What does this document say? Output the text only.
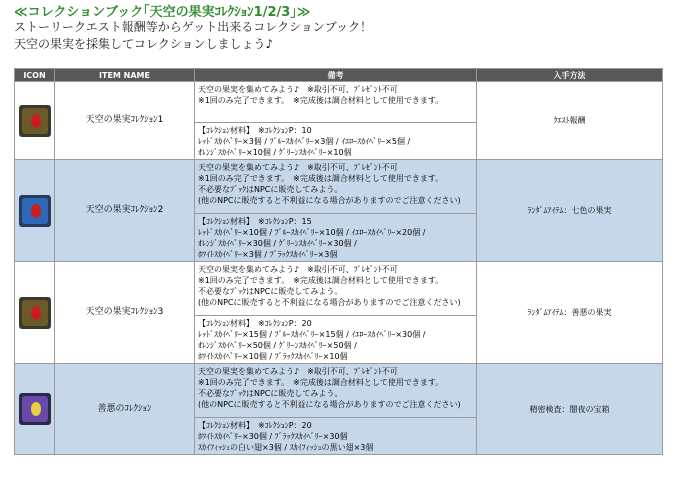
≪コレクションブック｢天空の果実ｺﾚｸｼｮﾝ1/2/3｣≫
ストーリークエスト報酬等からゲット出来るコレクションブック！
天空の果実を採集してコレクションしましょう♪
ICON	ITEM NAME	備考	入手方法

	天空の果実ｺﾚｸｼｮﾝ1	天空の果実を集めてみよう♪　※取引不可、ﾌﾟﾚｾﾞﾝﾄ不可
※1回のみ完了できます。　※完成後は調合材料として使用できます。	ｸｴｽﾄ報酬

		【ｺﾚｸｼｮﾝ材料】　※ｺﾚｸｼｮﾝP：10
ﾚｯﾄﾞｽｶｲﾍﾞﾘｰ×3個 / ﾌﾞﾙｰｽｶｲﾍﾞﾘｰ×3個 / ｲｴﾛｰｽｶｲﾍﾞﾘｰ×5個 /
ｵﾚﾝｼﾞｽｶｲﾍﾞﾘｰ×10個 / ｸﾞﾘｰﾝｽｶｲﾍﾞﾘｰ×10個	

	天空の果実ｺﾚｸｼｮﾝ2	天空の果実を集めてみよう♪　※取引不可、ﾌﾟﾚｾﾞﾝﾄ不可
※1回のみ完了できます。　※完成後は調合材料として使用できます。
不必要なﾌﾞｯｸはNPCに販売してみよう。
(他のNPCに販売すると不利益になる場合がありますのでご注意ください)	ﾗﾝﾀﾞﾑｱｲﾃﾑ：七色の果実

		【ｺﾚｸｼｮﾝ材料】　※ｺﾚｸｼｮﾝP：15
ﾚｯﾄﾞｽｶｲﾍﾞﾘｰ×10個 / ﾌﾞﾙｰｽｶｲﾍﾞﾘｰ×10個 / ｲｴﾛｰｽｶｲﾍﾞﾘｰ×20個 /
ｵﾚﾝｼﾞｽｶｲﾍﾞﾘｰ×30個 / ｸﾞﾘｰﾝｽｶｲﾍﾞﾘｰ×30個 /
ﾎﾜｲﾄｽｶｲﾍﾞﾘｰ×3個 / ﾌﾞﾗｯｸｽｶｲﾍﾞﾘｰ×3個	

	天空の果実ｺﾚｸｼｮﾝ3	天空の果実を集めてみよう♪　※取引不可、ﾌﾟﾚｾﾞﾝﾄ不可
※1回のみ完了できます。　※完成後は調合材料として使用できます。
不必要なﾌﾞｯｸはNPCに販売してみよう。
(他のNPCに販売すると不利益になる場合がありますのでご注意ください)	ﾗﾝﾀﾞﾑｱｲﾃﾑ：善悪の果実

		【ｺﾚｸｼｮﾝ材料】　※ｺﾚｸｼｮﾝP：20
ﾚｯﾄﾞｽｶｲﾍﾞﾘｰ×15個 / ﾌﾞﾙｰｽｶｲﾍﾞﾘｰ×15個 / ｲｴﾛｰｽｶｲﾍﾞﾘｰ×30個 /
ｵﾚﾝｼﾞｽｶｲﾍﾞﾘｰ×50個 / ｸﾞﾘｰﾝｽｶｲﾍﾞﾘｰ×50個 /
ﾎﾜｲﾄｽｶｲﾍﾞﾘｰ×10個 / ﾌﾞﾗｯｸｽｶｲﾍﾞﾘｰ×10個	

	善悪のｺﾚｸｼｮﾝ	天空の果実を集めてみよう♪　※取引不可、ﾌﾟﾚｾﾞﾝﾄ不可
※1回のみ完了できます。　※完成後は調合材料として使用できます。
不必要なﾌﾞｯｸはNPCに販売してみよう。
(他のNPCに販売すると不利益になる場合がありますのでご注意ください)	精密検査：闇夜の宝箱

		【ｺﾚｸｼｮﾝ材料】　※ｺﾚｸｼｮﾝP：20
ﾎﾜｲﾄｽｶｲﾍﾞﾘｰ×30個 / ﾌﾞﾗｯｸｽｶｲﾍﾞﾘｰ×30個
ｽｶｲﾌｨｯｼｭの白い翅×3個 / ｽｶｲﾌｨｯｼｭの黒い翅×3個	
